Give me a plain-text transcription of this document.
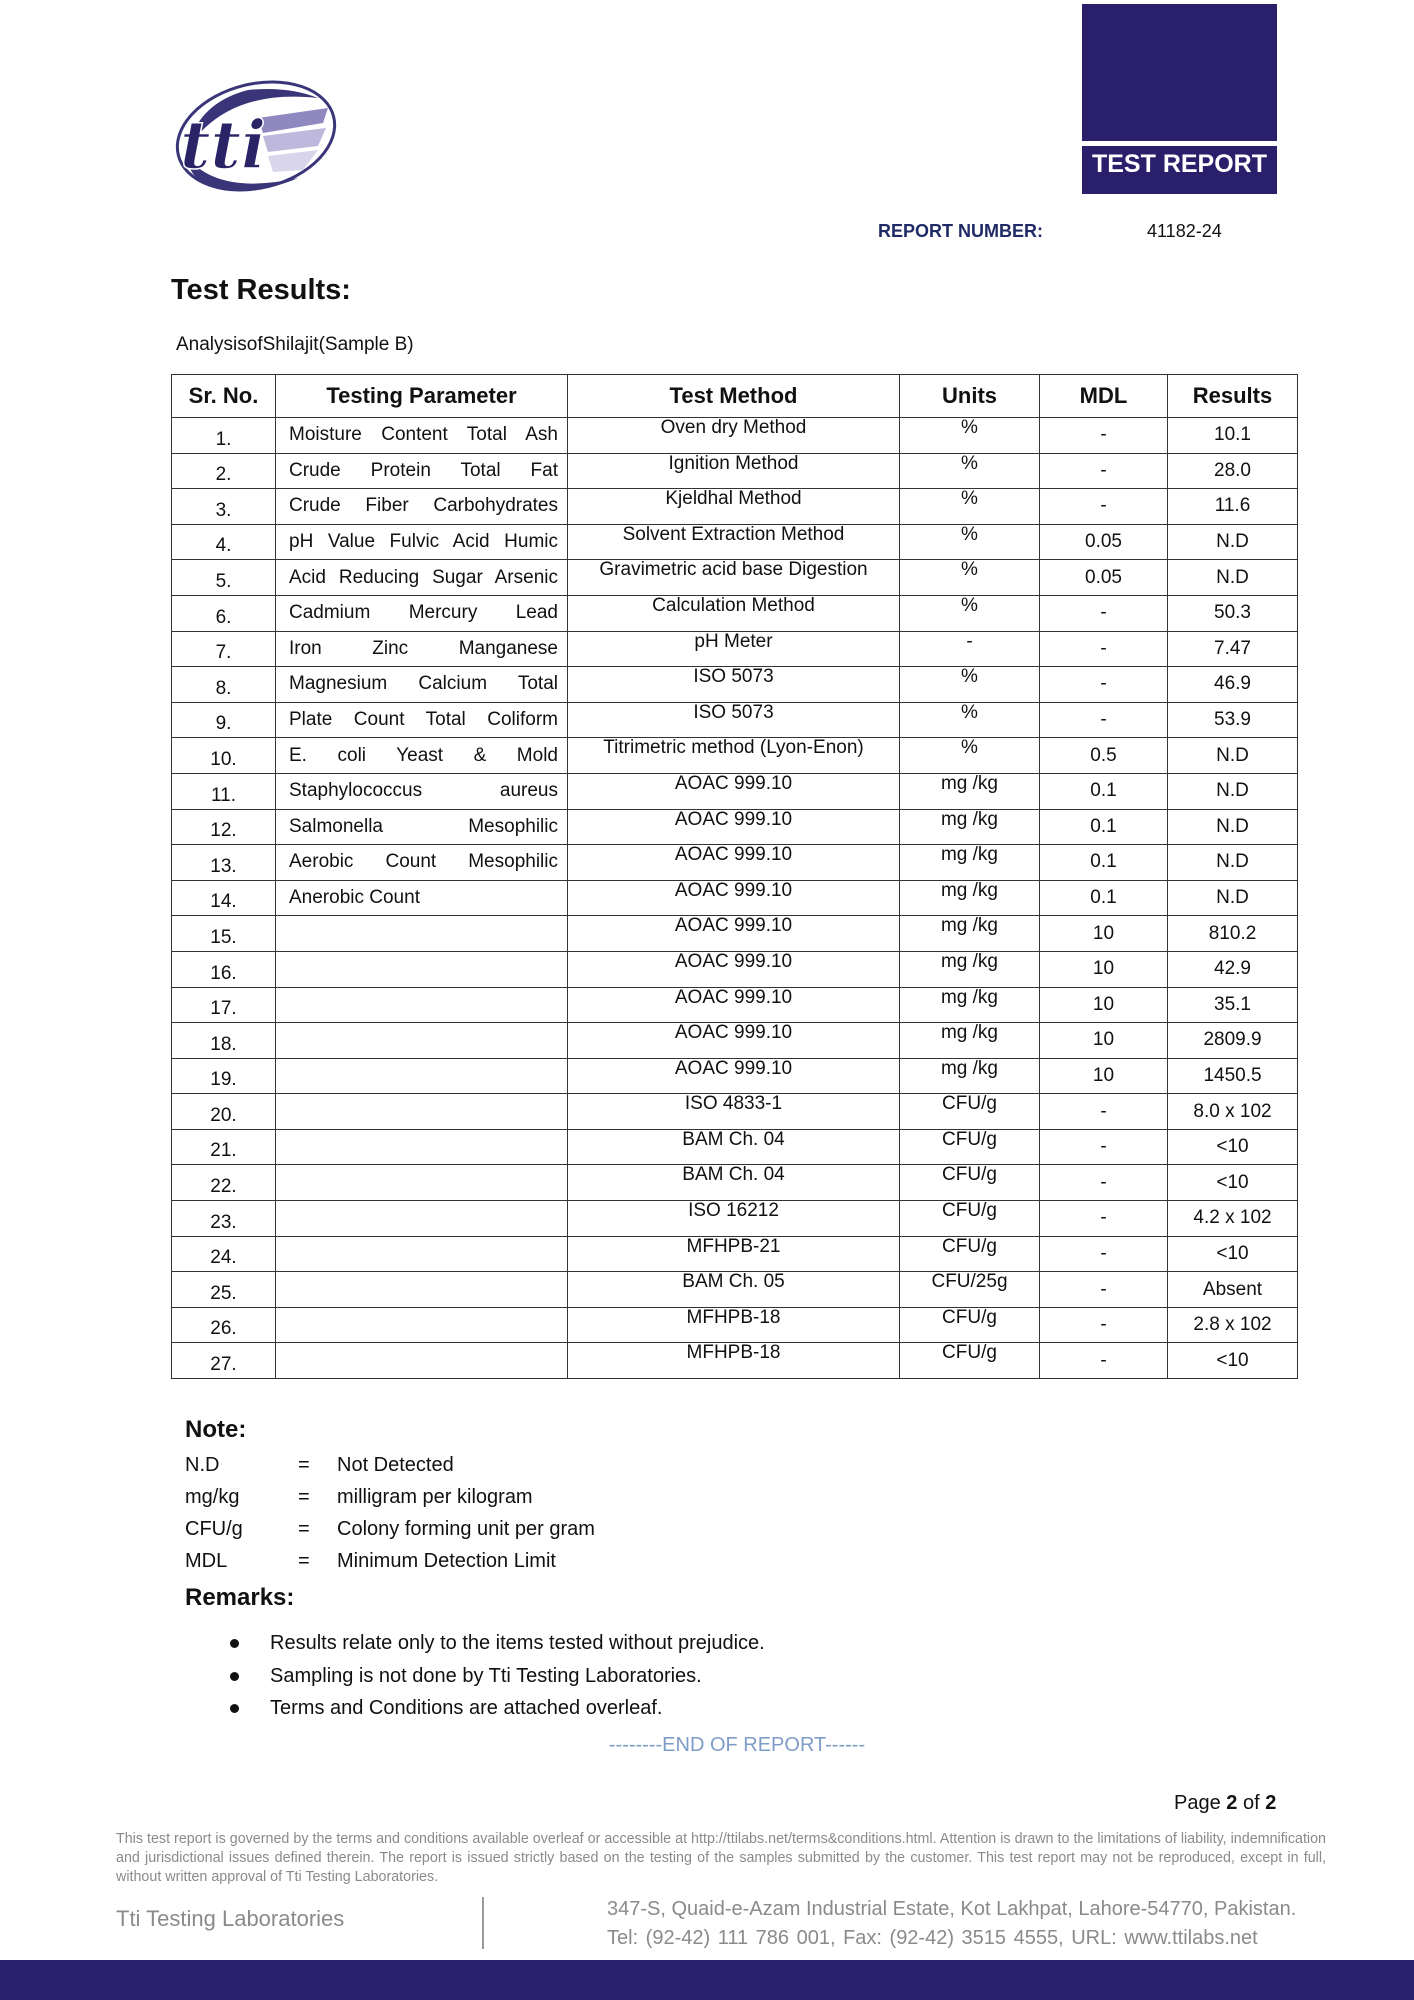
tti	TEST REPORT
REPORT NUMBER:	41182-24
Test Results:
AnalysisofShilajit(Sample B)
Sr. No.	Testing Parameter	Test Method	Units	MDL	Results
1.	Moisture Content Total Ash	Oven dry Method	%	-	10.1
2.	Crude Protein Total Fat	Ignition Method	%	-	28.0
3.	Crude Fiber Carbohydrates	Kjeldhal Method	%	-	11.6
4.	pH Value Fulvic Acid Humic	Solvent Extraction Method	%	0.05	N.D
5.	Acid Reducing Sugar Arsenic	Gravimetric acid base Digestion	%	0.05	N.D
6.	Cadmium Mercury Lead	Calculation Method	%	-	50.3
7.	Iron Zinc Manganese	pH Meter	-	-	7.47
8.	Magnesium Calcium Total	ISO 5073	%	-	46.9
9.	Plate Count Total Coliform	ISO 5073	%	-	53.9
10.	E. coli Yeast & Mold	Titrimetric method (Lyon-Enon)	%	0.5	N.D
11.	Staphylococcus aureus	AOAC 999.10	mg /kg	0.1	N.D
12.	Salmonella Mesophilic	AOAC 999.10	mg /kg	0.1	N.D
13.	Aerobic Count Mesophilic	AOAC 999.10	mg /kg	0.1	N.D
14.	Anerobic Count	AOAC 999.10	mg /kg	0.1	N.D
15.		AOAC 999.10	mg /kg	10	810.2
16.		AOAC 999.10	mg /kg	10	42.9
17.		AOAC 999.10	mg /kg	10	35.1
18.		AOAC 999.10	mg /kg	10	2809.9
19.		AOAC 999.10	mg /kg	10	1450.5
20.		ISO 4833-1	CFU/g	-	8.0 x 102
21.		BAM Ch. 04	CFU/g	-	<10
22.		BAM Ch. 04	CFU/g	-	<10
23.		ISO 16212	CFU/g	-	4.2 x 102
24.		MFHPB-21	CFU/g	-	<10
25.		BAM Ch. 05	CFU/25g	-	Absent
26.		MFHPB-18	CFU/g	-	2.8 x 102
27.		MFHPB-18	CFU/g	-	<10
Note:
N.D	= Not Detected
mg/kg	= milligram per kilogram
CFU/g	= Colony forming unit per gram
MDL	= Minimum Detection Limit
Remarks:
Results relate only to the items tested without prejudice.
Sampling is not done by Tti Testing Laboratories.
Terms and Conditions are attached overleaf.
--------END OF REPORT------
Page 2 of 2
This test report is governed by the terms and conditions available overleaf or accessible at http://ttilabs.net/terms&conditions.html. Attention is drawn to the limitations of liability, indemnification and jurisdictional issues defined therein. The report is issued strictly based on the testing of the samples submitted by the customer. This test report may not be reproduced, except in full, without written approval of Tti Testing Laboratories.
Tti Testing Laboratories	347-S, Quaid-e-Azam Industrial Estate, Kot Lakhpat, Lahore-54770, Pakistan.
Tel: (92-42) 111 786 001, Fax: (92-42) 3515 4555, URL: www.ttilabs.net
